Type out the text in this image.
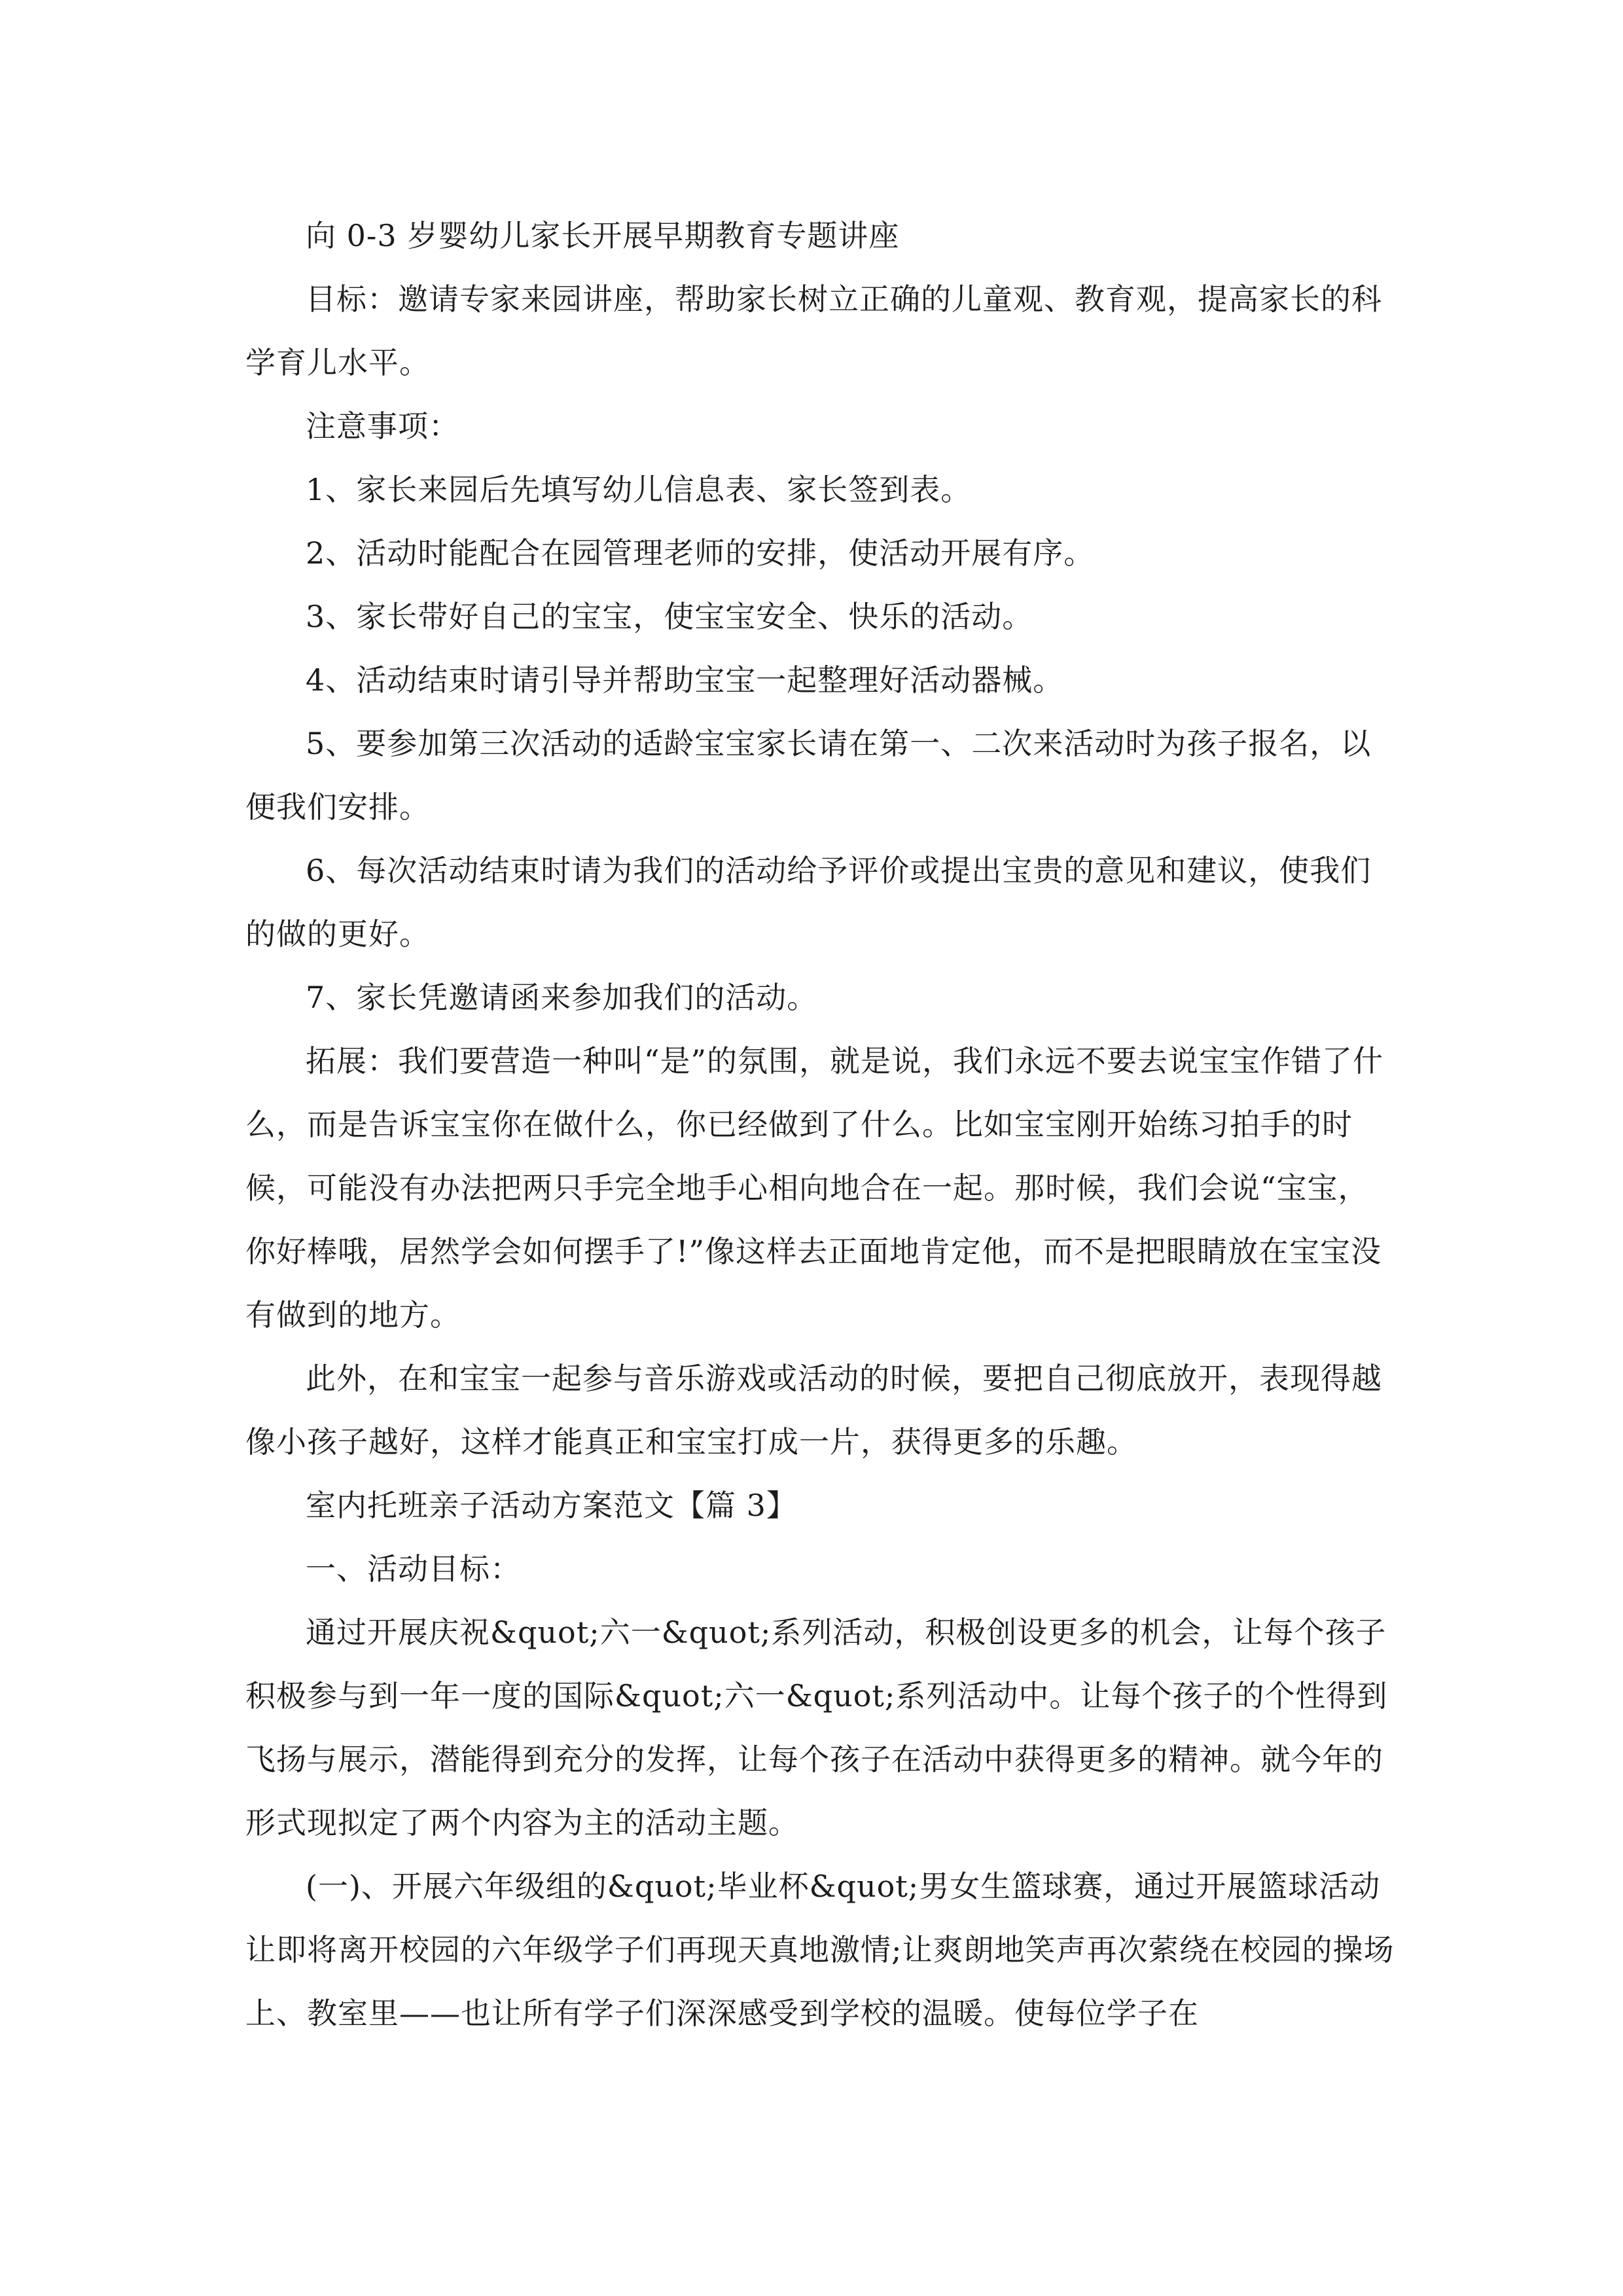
向 0-3 岁婴幼儿家长开展早期教育专题讲座

目标：邀请专家来园讲座，帮助家长树立正确的儿童观、教育观，提高家长的科学育儿水平。

注意事项：

1、家长来园后先填写幼儿信息表、家长签到表。

2、活动时能配合在园管理老师的安排，使活动开展有序。

3、家长带好自己的宝宝，使宝宝安全、快乐的活动。

4、活动结束时请引导并帮助宝宝一起整理好活动器械。

5、要参加第三次活动的适龄宝宝家长请在第一、二次来活动时为孩子报名，以便我们安排。

6、每次活动结束时请为我们的活动给予评价或提出宝贵的意见和建议，使我们的做的更好。

7、家长凭邀请函来参加我们的活动。

拓展：我们要营造一种叫“是”的氛围，就是说，我们永远不要去说宝宝作错了什么，而是告诉宝宝你在做什么，你已经做到了什么。比如宝宝刚开始练习拍手的时候，可能没有办法把两只手完全地手心相向地合在一起。那时候，我们会说“宝宝，你好棒哦，居然学会如何摆手了!”像这样去正面地肯定他，而不是把眼睛放在宝宝没有做到的地方。

此外，在和宝宝一起参与音乐游戏或活动的时候，要把自己彻底放开，表现得越像小孩子越好，这样才能真正和宝宝打成一片，获得更多的乐趣。

室内托班亲子活动方案范文【篇 3】

一、活动目标：

通过开展庆祝&quot;六一&quot;系列活动，积极创设更多的机会，让每个孩子积极参与到一年一度的国际&quot;六一&quot;系列活动中。让每个孩子的个性得到飞扬与展示，潜能得到充分的发挥，让每个孩子在活动中获得更多的精神。就今年的形式现拟定了两个内容为主的活动主题。

(一)、开展六年级组的&quot;毕业杯&quot;男女生篮球赛，通过开展篮球活动让即将离开校园的六年级学子们再现天真地激情;让爽朗地笑声再次萦绕在校园的操场上、教室里——也让所有学子们深深感受到学校的温暖。使每位学子在
